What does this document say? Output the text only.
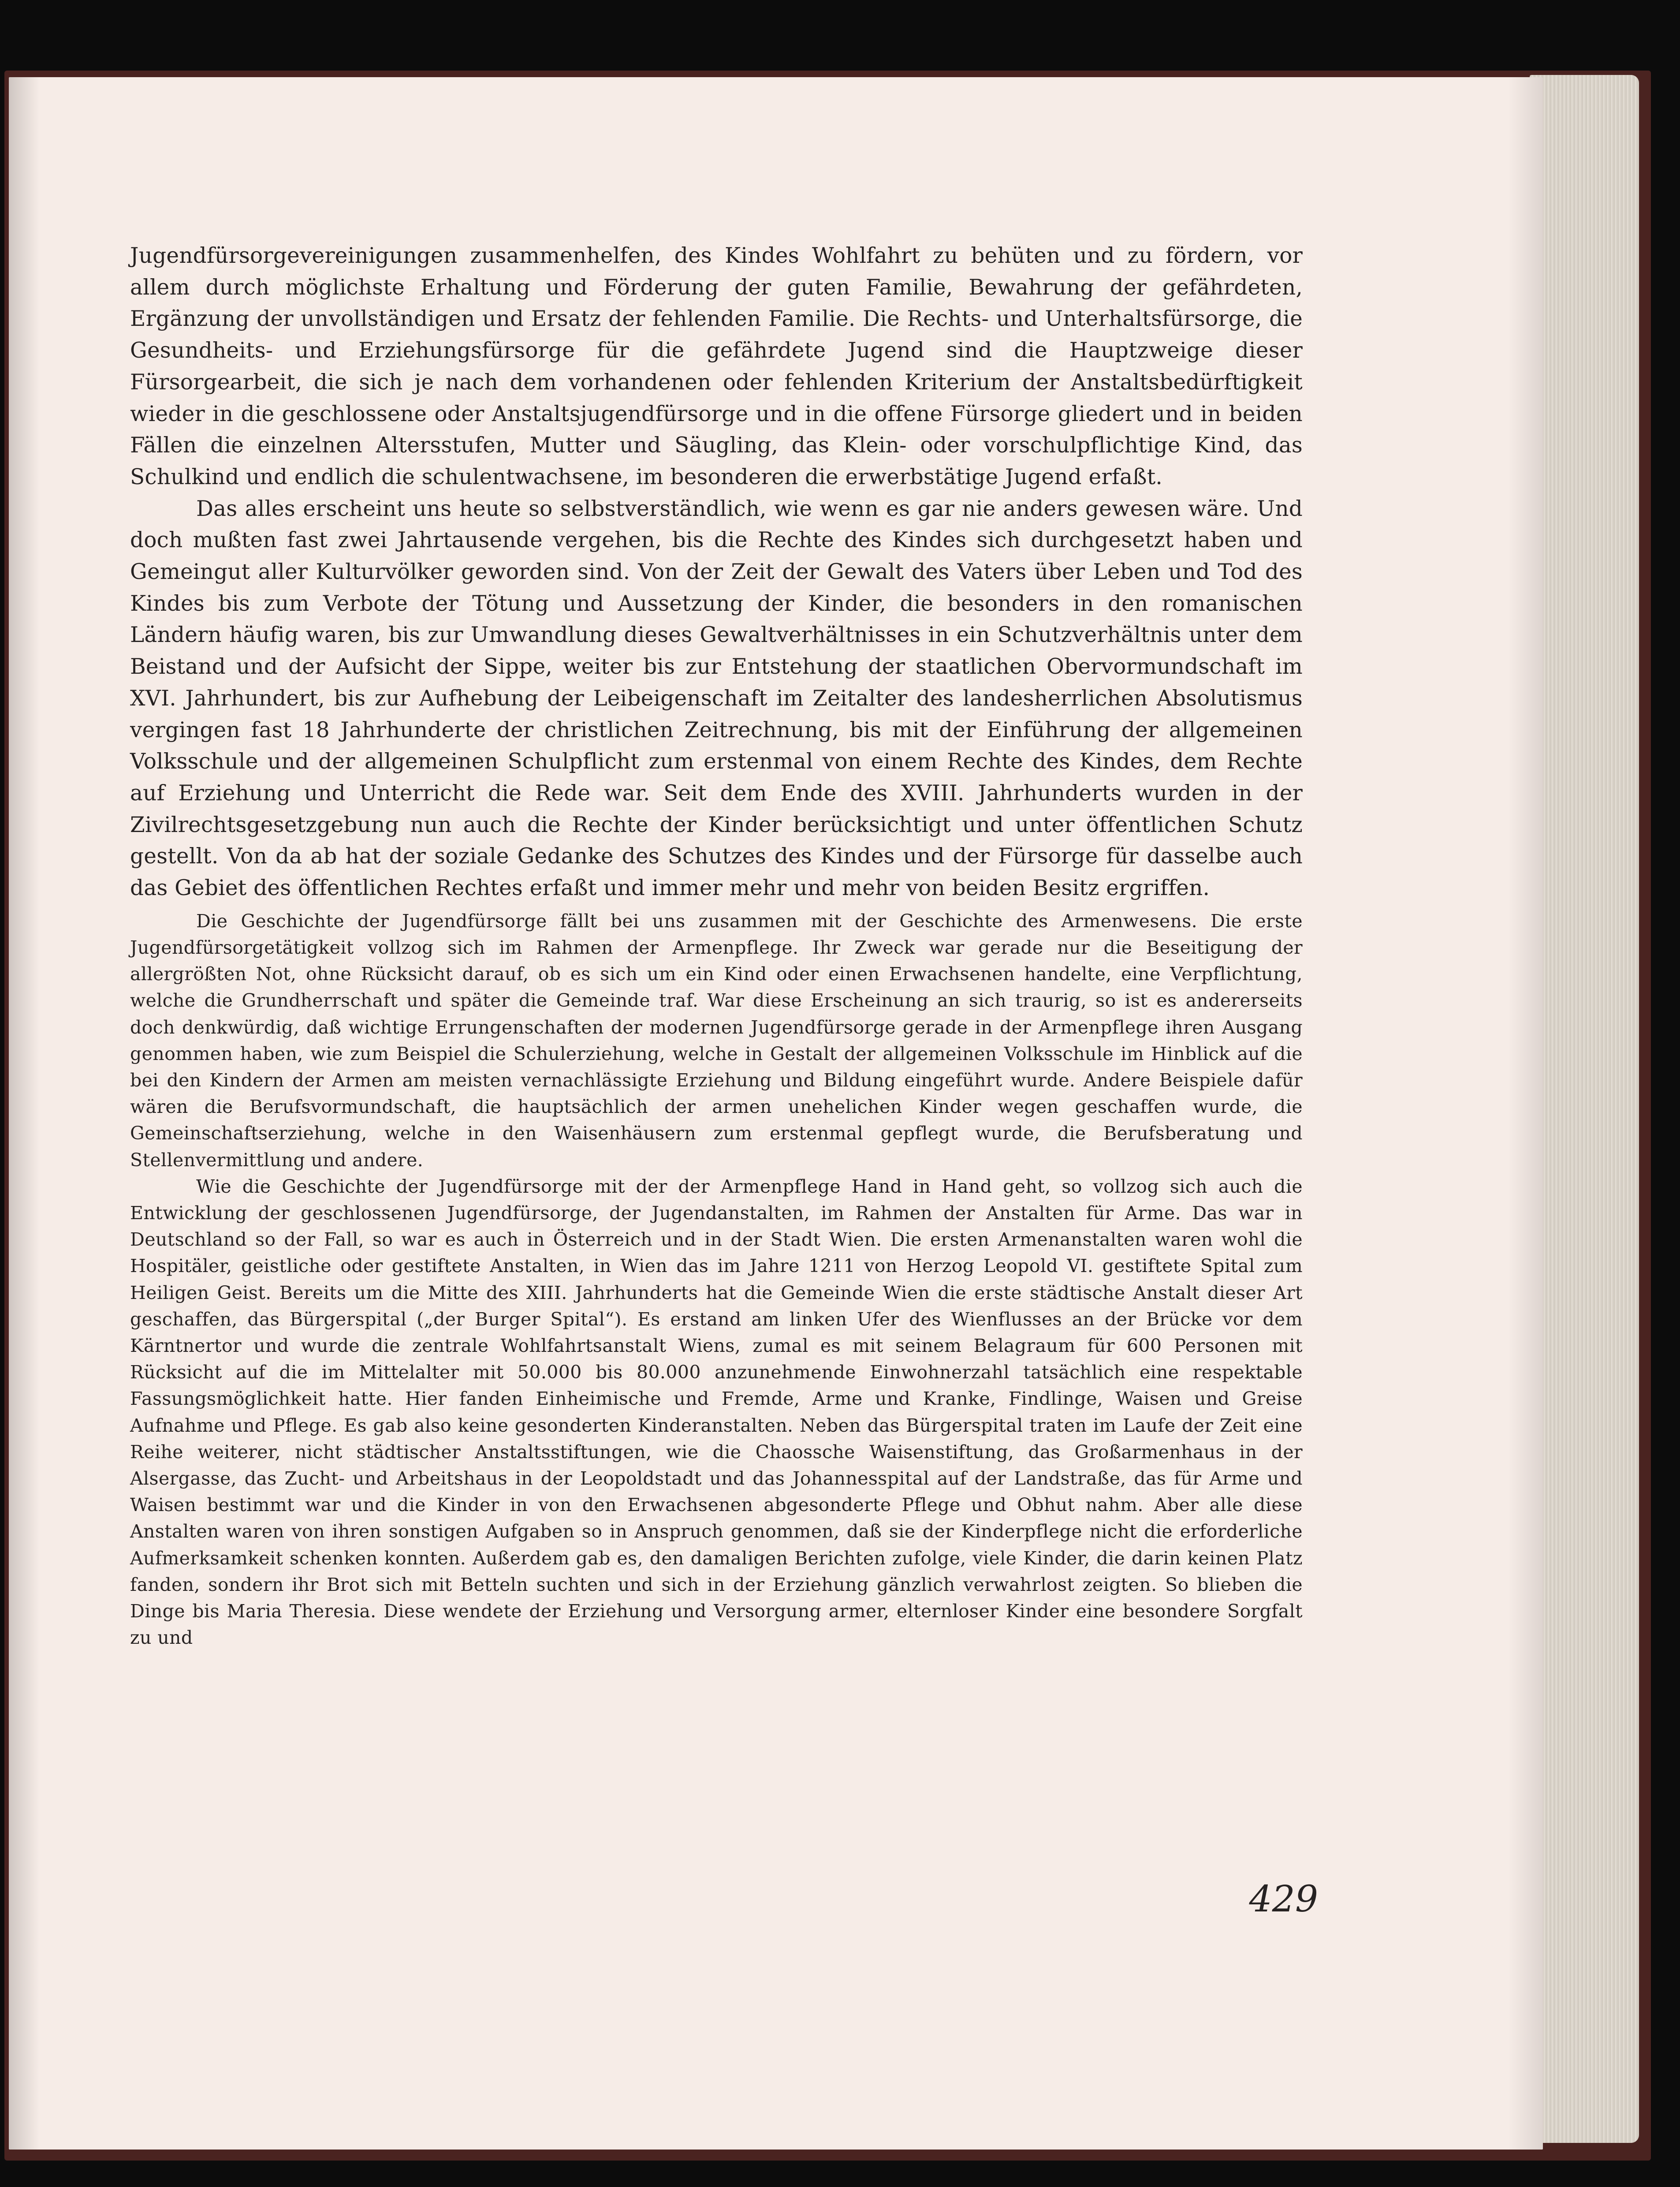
Jugendfürsorgevereinigungen zusammenhelfen, des Kindes Wohlfahrt zu behüten und zu fördern, vor allem durch möglichste Erhaltung und Förderung der guten Familie, Bewahrung der gefährdeten, Ergänzung der unvollständigen und Ersatz der fehlenden Familie. Die Rechts- und Unterhaltsfürsorge, die Gesundheits- und Erziehungsfürsorge für die gefährdete Jugend sind die Hauptzweige dieser Fürsorgearbeit, die sich je nach dem vorhandenen oder fehlenden Kriterium der Anstaltsbedürftigkeit wieder in die geschlossene oder Anstaltsjugendfürsorge und in die offene Fürsorge gliedert und in beiden Fällen die einzelnen Altersstufen, Mutter und Säugling, das Klein- oder vorschulpflichtige Kind, das Schulkind und endlich die schulentwachsene, im besonderen die erwerbstätige Jugend erfaßt.

Das alles erscheint uns heute so selbstverständlich, wie wenn es gar nie anders gewesen wäre. Und doch mußten fast zwei Jahrtausende vergehen, bis die Rechte des Kindes sich durchgesetzt haben und Gemeingut aller Kulturvölker geworden sind. Von der Zeit der Gewalt des Vaters über Leben und Tod des Kindes bis zum Verbote der Tötung und Aussetzung der Kinder, die besonders in den romanischen Ländern häufig waren, bis zur Umwandlung dieses Gewaltverhältnisses in ein Schutzverhältnis unter dem Beistand und der Aufsicht der Sippe, weiter bis zur Entstehung der staatlichen Obervormundschaft im XVI. Jahrhundert, bis zur Aufhebung der Leibeigenschaft im Zeitalter des landesherrlichen Absolutismus vergingen fast 18 Jahrhunderte der christlichen Zeitrechnung, bis mit der Einführung der allgemeinen Volksschule und der allgemeinen Schulpflicht zum erstenmal von einem Rechte des Kindes, dem Rechte auf Erziehung und Unterricht die Rede war. Seit dem Ende des XVIII. Jahrhunderts wurden in der Zivilrechtsgesetzgebung nun auch die Rechte der Kinder berücksichtigt und unter öffentlichen Schutz gestellt. Von da ab hat der soziale Gedanke des Schutzes des Kindes und der Fürsorge für dasselbe auch das Gebiet des öffentlichen Rechtes erfaßt und immer mehr und mehr von beiden Besitz ergriffen.

Die Geschichte der Jugendfürsorge fällt bei uns zusammen mit der Geschichte des Armenwesens. Die erste Jugendfürsorgetätigkeit vollzog sich im Rahmen der Armenpflege. Ihr Zweck war gerade nur die Beseitigung der allergrößten Not, ohne Rücksicht darauf, ob es sich um ein Kind oder einen Erwachsenen handelte, eine Verpflichtung, welche die Grundherrschaft und später die Gemeinde traf. War diese Erscheinung an sich traurig, so ist es andererseits doch denkwürdig, daß wichtige Errungenschaften der modernen Jugendfürsorge gerade in der Armenpflege ihren Ausgang genommen haben, wie zum Beispiel die Schulerziehung, welche in Gestalt der allgemeinen Volksschule im Hinblick auf die bei den Kindern der Armen am meisten vernachlässigte Erziehung und Bildung eingeführt wurde. Andere Beispiele dafür wären die Berufsvormundschaft, die hauptsächlich der armen unehelichen Kinder wegen geschaffen wurde, die Gemeinschaftserziehung, welche in den Waisenhäusern zum erstenmal gepflegt wurde, die Berufsberatung und Stellenvermittlung und andere.

Wie die Geschichte der Jugendfürsorge mit der der Armenpflege Hand in Hand geht, so vollzog sich auch die Entwicklung der geschlossenen Jugendfürsorge, der Jugendanstalten, im Rahmen der Anstalten für Arme. Das war in Deutschland so der Fall, so war es auch in Österreich und in der Stadt Wien. Die ersten Armenanstalten waren wohl die Hospitäler, geistliche oder gestiftete Anstalten, in Wien das im Jahre 1211 von Herzog Leopold VI. gestiftete Spital zum Heiligen Geist. Bereits um die Mitte des XIII. Jahrhunderts hat die Gemeinde Wien die erste städtische Anstalt dieser Art geschaffen, das Bürgerspital („der Burger Spital“). Es erstand am linken Ufer des Wienflusses an der Brücke vor dem Kärntnertor und wurde die zentrale Wohlfahrtsanstalt Wiens, zumal es mit seinem Belagraum für 600 Personen mit Rücksicht auf die im Mittelalter mit 50.000 bis 80.000 anzunehmende Einwohnerzahl tatsächlich eine respektable Fassungsmöglichkeit hatte. Hier fanden Einheimische und Fremde, Arme und Kranke, Findlinge, Waisen und Greise Aufnahme und Pflege. Es gab also keine gesonderten Kinderanstalten. Neben das Bürgerspital traten im Laufe der Zeit eine Reihe weiterer, nicht städtischer Anstaltsstiftungen, wie die Chaossche Waisenstiftung, das Großarmenhaus in der Alsergasse, das Zucht- und Arbeitshaus in der Leopoldstadt und das Johannesspital auf der Landstraße, das für Arme und Waisen bestimmt war und die Kinder in von den Erwachsenen abgesonderte Pflege und Obhut nahm. Aber alle diese Anstalten waren von ihren sonstigen Aufgaben so in Anspruch genommen, daß sie der Kinderpflege nicht die erforderliche Aufmerksamkeit schenken konnten. Außerdem gab es, den damaligen Berichten zufolge, viele Kinder, die darin keinen Platz fanden, sondern ihr Brot sich mit Betteln suchten und sich in der Erziehung gänzlich verwahrlost zeigten. So blieben die Dinge bis Maria Theresia. Diese wendete der Erziehung und Versorgung armer, elternloser Kinder eine besondere Sorgfalt zu und

429
